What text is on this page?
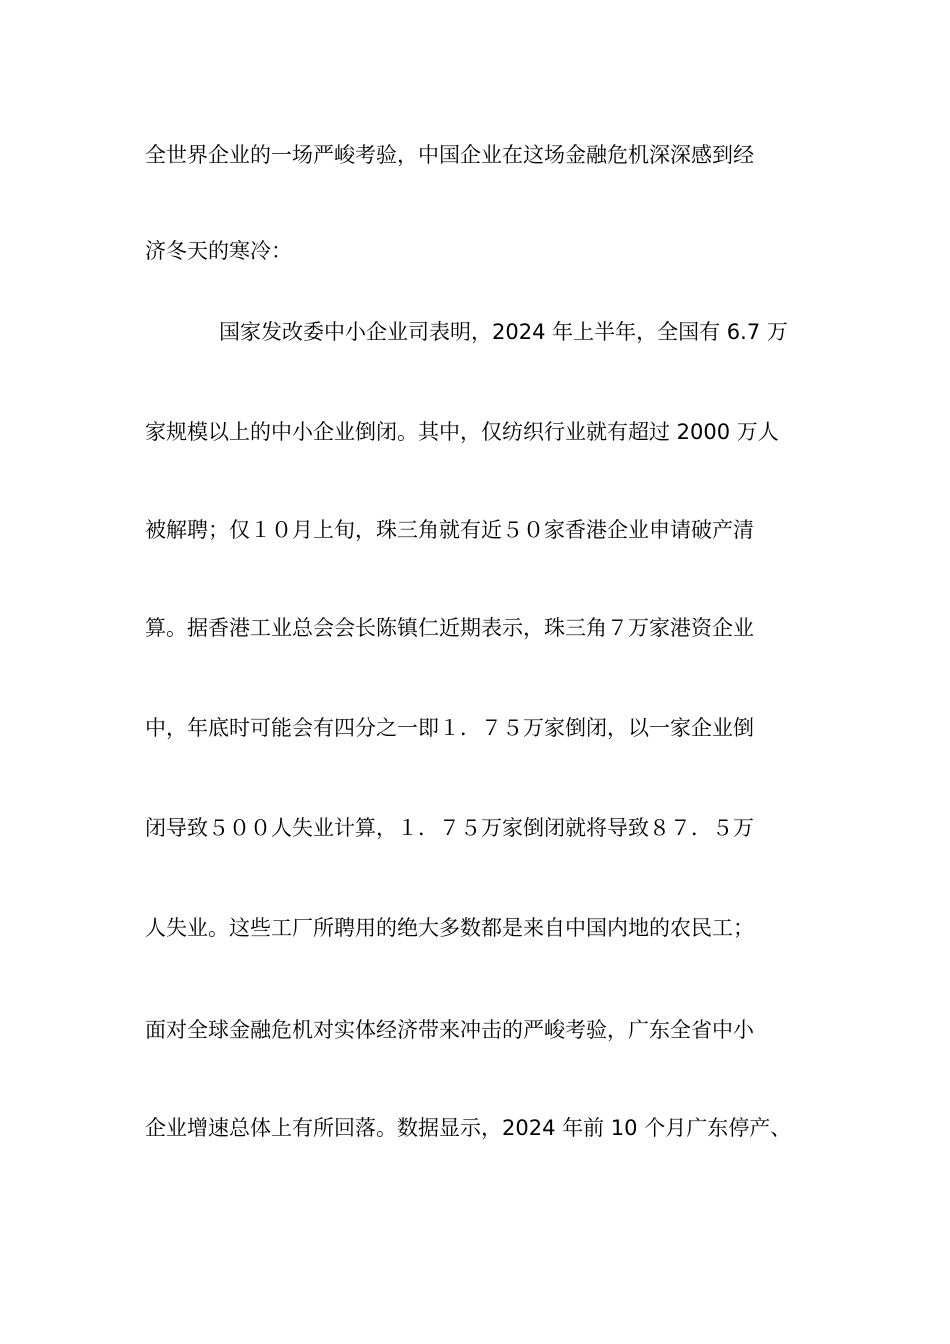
全世界企业的一场严峻考验，中国企业在这场金融危机深深感到经
济冬天的寒冷：
国家发改委中小企业司表明，2024 年上半年，全国有 6.7 万
家规模以上的中小企业倒闭。其中，仅纺织行业就有超过 2000 万人
被解聘；仅１０月上旬，珠三角就有近５０家香港企业申请破产清
算。据香港工业总会会长陈镇仁近期表示，珠三角７万家港资企业
中，年底时可能会有四分之一即１．７５万家倒闭，以一家企业倒
闭导致５００人失业计算，１．７５万家倒闭就将导致８７．５万
人失业。这些工厂所聘用的绝大多数都是来自中国内地的农民工；
面对全球金融危机对实体经济带来冲击的严峻考验，广东全省中小
企业增速总体上有所回落。数据显示，2024 年前 10 个月广东停产、
